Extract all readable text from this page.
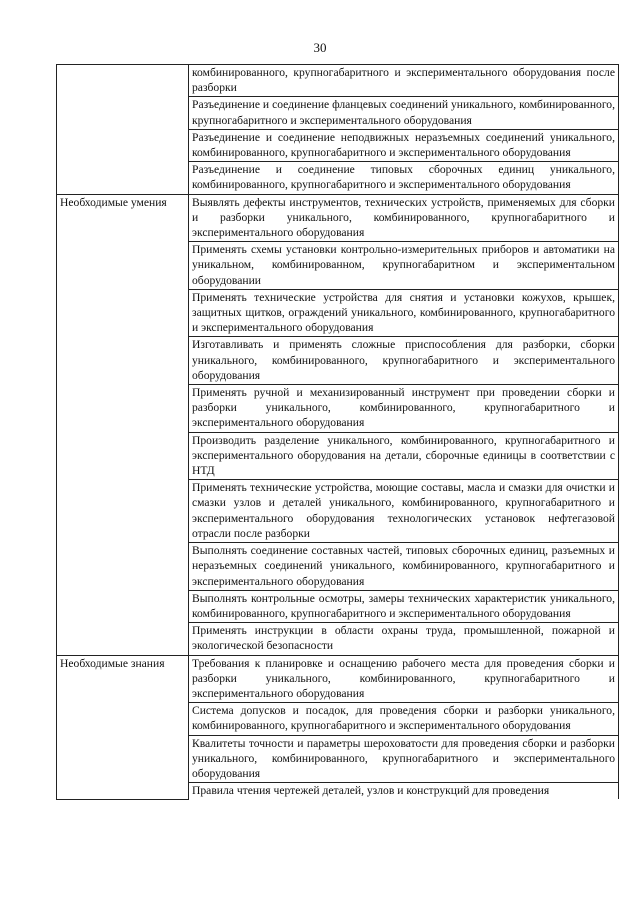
30
	комбинированного, крупногабаритного и экспериментального оборудования после разборки
	Разъединение и соединение фланцевых соединений уникального, комбинированного, крупногабаритного и экспериментального оборудования
	Разъединение и соединение неподвижных неразъемных соединений уникального, комбинированного, крупногабаритного и экспериментального оборудования
	Разъединение и соединение типовых сборочных единиц уникального, комбинированного, крупногабаритного и экспериментального оборудования
Необходимые умения	Выявлять дефекты инструментов, технических устройств, применяемых для сборки и разборки уникального, комбинированного, крупногабаритного и экспериментального оборудования
	Применять схемы установки контрольно-измерительных приборов и автоматики на уникальном, комбинированном, крупногабаритном и экспериментальном оборудовании
	Применять технические устройства для снятия и установки кожухов, крышек, защитных щитков, ограждений уникального, комбинированного, крупногабаритного и экспериментального оборудования
	Изготавливать и применять сложные приспособления для разборки, сборки уникального, комбинированного, крупногабаритного и экспериментального оборудования
	Применять ручной и механизированный инструмент при проведении сборки и разборки уникального, комбинированного, крупногабаритного и экспериментального оборудования
	Производить разделение уникального, комбинированного, крупногабаритного и экспериментального оборудования на детали, сборочные единицы в соответствии с НТД
	Применять технические устройства, моющие составы, масла и смазки для очистки и смазки узлов и деталей уникального, комбинированного, крупногабаритного и экспериментального оборудования технологических установок нефтегазовой отрасли после разборки
	Выполнять соединение составных частей, типовых сборочных единиц, разъемных и неразъемных соединений уникального, комбинированного, крупногабаритного и экспериментального оборудования
	Выполнять контрольные осмотры, замеры технических характеристик уникального, комбинированного, крупногабаритного и экспериментального оборудования
	Применять инструкции в области охраны труда, промышленной, пожарной и экологической безопасности
Необходимые знания	Требования к планировке и оснащению рабочего места для проведения сборки и разборки уникального, комбинированного, крупногабаритного и экспериментального оборудования
	Система допусков и посадок, для проведения сборки и разборки уникального, комбинированного, крупногабаритного и экспериментального оборудования
	Квалитеты точности и параметры шероховатости для проведения сборки и разборки уникального, комбинированного, крупногабаритного и экспериментального оборудования
	Правила чтения чертежей деталей, узлов и конструкций для проведения
